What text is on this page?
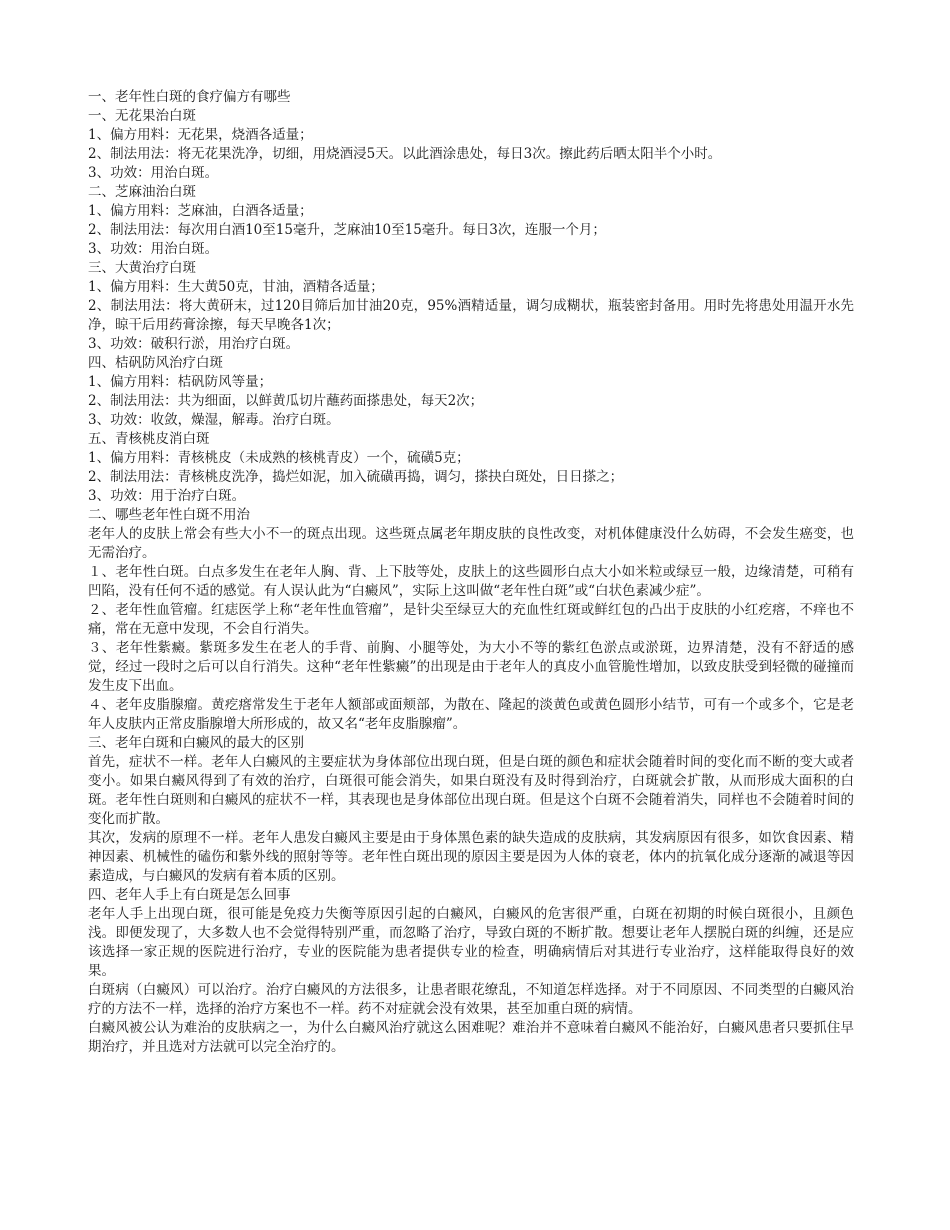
一、老年性白斑的食疗偏方有哪些

一、无花果治白斑

1、偏方用料：无花果，烧酒各适量；

2、制法用法：将无花果洗净，切细，用烧酒浸5天。以此酒涂患处，每日3次。擦此药后晒太阳半个小时。

3、功效：用治白斑。

二、芝麻油治白斑

1、偏方用料：芝麻油，白酒各适量；

2、制法用法：每次用白酒10至15毫升，芝麻油10至15毫升。每日3次，连服一个月；

3、功效：用治白斑。

三、大黄治疗白斑

1、偏方用料：生大黄50克，甘油，酒精各适量；

2、制法用法：将大黄研末，过120目筛后加甘油20克，95%酒精适量，调匀成糊状，瓶装密封备用。用时先将患处用温开水先净，晾干后用药膏涂擦，每天早晚各1次；

3、功效：破积行淤，用治疗白斑。

四、桔矾防风治疗白斑

1、偏方用料：桔矾防风等量；

2、制法用法：共为细面，以鲜黄瓜切片蘸药面搽患处，每天2次；

3、功效：收敛，燥湿，解毒。治疗白斑。

五、青核桃皮消白斑

1、偏方用料：青核桃皮（未成熟的核桃青皮）一个，硫磺5克；

2、制法用法：青核桃皮洗净，捣烂如泥，加入硫磺再捣，调匀，搽抉白斑处，日日搽之；

3、功效：用于治疗白斑。

二、哪些老年性白斑不用治

老年人的皮肤上常会有些大小不一的斑点出现。这些斑点属老年期皮肤的良性改变，对机体健康没什么妨碍，不会发生癌变，也无需治疗。

１、老年性白斑。白点多发生在老年人胸、背、上下肢等处，皮肤上的这些圆形白点大小如米粒或绿豆一般，边缘清楚，可稍有凹陷，没有任何不适的感觉。有人误认此为“白癜风”，实际上这叫做“老年性白斑”或“白状色素减少症”。

２、老年性血管瘤。红痣医学上称“老年性血管瘤”，是针尖至绿豆大的充血性红斑或鲜红包的凸出于皮肤的小红疙瘩，不痒也不痛，常在无意中发现，不会自行消失。

３、老年性紫癜。紫斑多发生在老人的手背、前胸、小腿等处，为大小不等的紫红色淤点或淤斑，边界清楚，没有不舒适的感觉，经过一段时之后可以自行消失。这种“老年性紫癜”的出现是由于老年人的真皮小血管脆性增加，以致皮肤受到轻微的碰撞而发生皮下出血。

４、老年皮脂腺瘤。黄疙瘩常发生于老年人额部或面颊部，为散在、隆起的淡黄色或黄色圆形小结节，可有一个或多个，它是老年人皮肤内正常皮脂腺增大所形成的，故又名“老年皮脂腺瘤”。

三、老年白斑和白癜风的最大的区别

首先，症状不一样。老年人白癜风的主要症状为身体部位出现白斑，但是白斑的颜色和症状会随着时间的变化而不断的变大或者变小。如果白癜风得到了有效的治疗，白斑很可能会消失，如果白斑没有及时得到治疗，白斑就会扩散，从而形成大面积的白斑。老年性白斑则和白癜风的症状不一样，其表现也是身体部位出现白斑。但是这个白斑不会随着消失，同样也不会随着时间的变化而扩散。

其次，发病的原理不一样。老年人患发白癜风主要是由于身体黑色素的缺失造成的皮肤病，其发病原因有很多，如饮食因素、精神因素、机械性的磕伤和紫外线的照射等等。老年性白斑出现的原因主要是因为人体的衰老，体内的抗氧化成分逐渐的减退等因素造成，与白癜风的发病有着本质的区别。

四、老年人手上有白斑是怎么回事

老年人手上出现白斑，很可能是免疫力失衡等原因引起的白癜风，白癜风的危害很严重，白斑在初期的时候白斑很小，且颜色浅。即便发现了，大多数人也不会觉得特别严重，而忽略了治疗，导致白斑的不断扩散。想要让老年人摆脱白斑的纠缠，还是应该选择一家正规的医院进行治疗，专业的医院能为患者提供专业的检查，明确病情后对其进行专业治疗，这样能取得良好的效果。

白斑病（白癜风）可以治疗。治疗白癜风的方法很多，让患者眼花缭乱，不知道怎样选择。对于不同原因、不同类型的白癜风治疗的方法不一样，选择的治疗方案也不一样。药不对症就会没有效果，甚至加重白斑的病情。

白癜风被公认为难治的皮肤病之一，为什么白癜风治疗就这么困难呢？难治并不意味着白癜风不能治好，白癜风患者只要抓住早期治疗，并且选对方法就可以完全治疗的。
